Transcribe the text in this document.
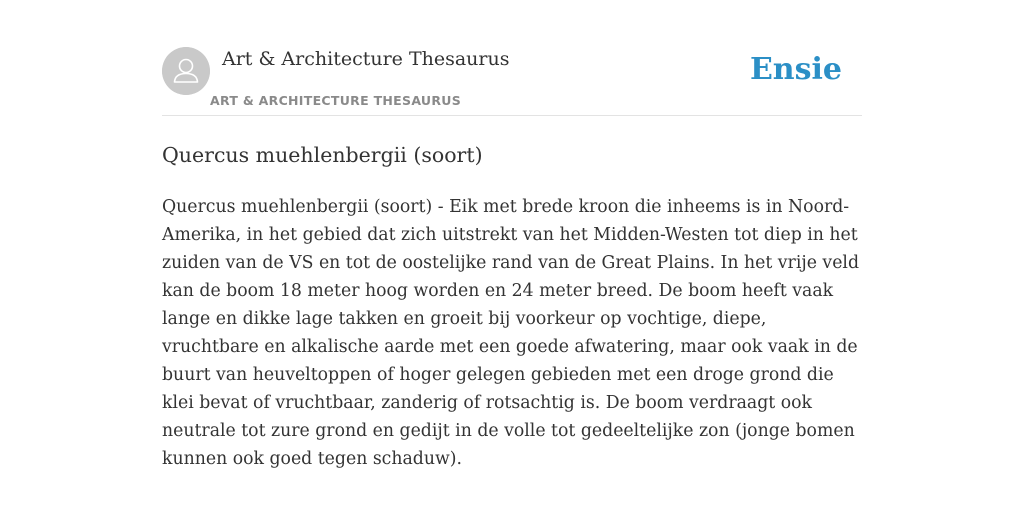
Art & Architecture Thesaurus
ART & ARCHITECTURE THESAURUS
Ensie
Quercus muehlenbergii (soort)

Quercus muehlenbergii (soort) - Eik met brede kroon die inheems is in Noord-Amerika, in het gebied dat zich uitstrekt van het Midden-Westen tot diep in het zuiden van de VS en tot de oostelijke rand van de Great Plains. In het vrije veld kan de boom 18 meter hoog worden en 24 meter breed. De boom heeft vaak lange en dikke lage takken en groeit bij voorkeur op vochtige, diepe, vruchtbare en alkalische aarde met een goede afwatering, maar ook vaak in de buurt van heuveltoppen of hoger gelegen gebieden met een droge grond die klei bevat of vruchtbaar, zanderig of rotsachtig is. De boom verdraagt ook neutrale tot zure grond en gedijt in de volle tot gedeeltelijke zon (jonge bomen kunnen ook goed tegen schaduw).
